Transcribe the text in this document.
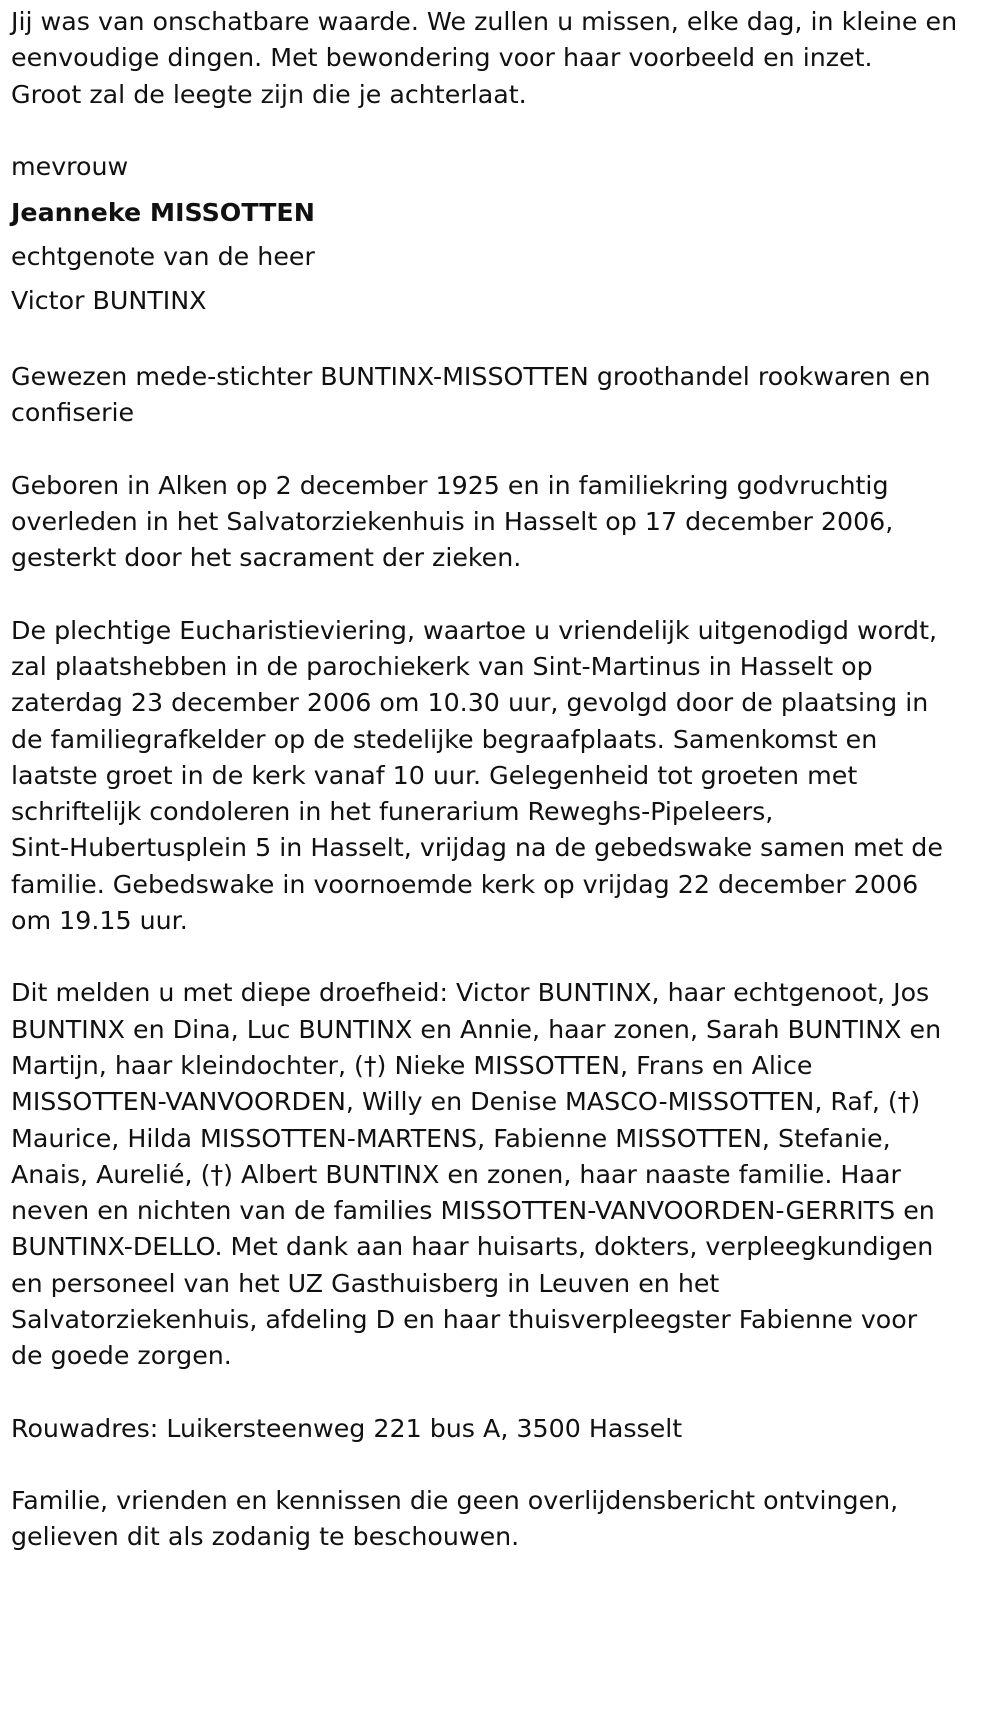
Jij was van onschatbare waarde. We zullen u missen, elke dag, in kleine en
eenvoudige dingen. Met bewondering voor haar voorbeeld en inzet.
Groot zal de leegte zijn die je achterlaat.

mevrouw
Jeanneke MISSOTTEN
echtgenote van de heer
Victor BUNTINX

Gewezen mede-stichter BUNTINX-MISSOTTEN groothandel rookwaren en
confiserie

Geboren in Alken op 2 december 1925 en in familiekring godvruchtig
overleden in het Salvatorziekenhuis in Hasselt op 17 december 2006,
gesterkt door het sacrament der zieken.

De plechtige Eucharistieviering, waartoe u vriendelijk uitgenodigd wordt,
zal plaatshebben in de parochiekerk van Sint-Martinus in Hasselt op
zaterdag 23 december 2006 om 10.30 uur, gevolgd door de plaatsing in
de familiegrafkelder op de stedelijke begraafplaats. Samenkomst en
laatste groet in de kerk vanaf 10 uur. Gelegenheid tot groeten met
schriftelijk condoleren in het funerarium Reweghs-Pipeleers,
Sint-Hubertusplein 5 in Hasselt, vrijdag na de gebedswake samen met de
familie. Gebedswake in voornoemde kerk op vrijdag 22 december 2006
om 19.15 uur.

Dit melden u met diepe droefheid: Victor BUNTINX, haar echtgenoot, Jos
BUNTINX en Dina, Luc BUNTINX en Annie, haar zonen, Sarah BUNTINX en
Martijn, haar kleindochter, (†) Nieke MISSOTTEN, Frans en Alice
MISSOTTEN-VANVOORDEN, Willy en Denise MASCO-MISSOTTEN, Raf, (†)
Maurice, Hilda MISSOTTEN-MARTENS, Fabienne MISSOTTEN, Stefanie,
Anais, Aurelié, (†) Albert BUNTINX en zonen, haar naaste familie. Haar
neven en nichten van de families MISSOTTEN-VANVOORDEN-GERRITS en
BUNTINX-DELLO. Met dank aan haar huisarts, dokters, verpleegkundigen
en personeel van het UZ Gasthuisberg in Leuven en het
Salvatorziekenhuis, afdeling D en haar thuisverpleegster Fabienne voor
de goede zorgen.

Rouwadres: Luikersteenweg 221 bus A, 3500 Hasselt

Familie, vrienden en kennissen die geen overlijdensbericht ontvingen,
gelieven dit als zodanig te beschouwen.
